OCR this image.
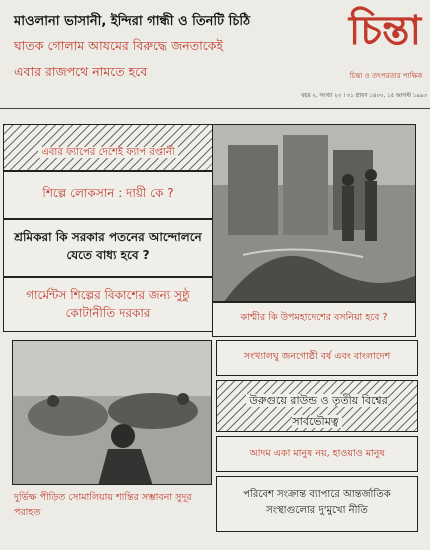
মাওলানা ভাসানী, ইন্দিরা গান্ধী ও তিনটি চিঠি
ঘাতক গোলাম আযমের বিরুদ্ধে জনতাকেই
এবার রাজপথে নামতে হবে
চিন্তা
চিন্তা ও তৎপরতার পাক্ষিক
বছর ২, সংখ্যা ২৩ । ৩১ শ্রাবণ ১৪০০, ১৫ আগস্ট ১৯৯৩
এবার ফ্যাপের দেশেই ফ্যাপ রপ্তানী
শিল্পে লোকসান : দায়ী কে ?
শ্রমিকরা কি সরকার পতনের আন্দোলনে যেতে বাধ্য হবে ?
গার্মেন্টস শিল্পের বিকাশের জন্য সুষ্ঠু কোটানীতি দরকার	কাশ্মীর কি উপমহাদেশের বসনিয়া হবে ?
দুর্ভিক্ষ পীড়িত সোমালিয়ায় শান্তির সম্ভাবনা সুদূর পরাহত
সংখ্যালঘু জনগোষ্ঠী বর্ষ এবং বাংলাদেশ
উরুগুয়ে রাউন্ড ও তৃতীয় বিশ্বের সার্বভৌমত্ব
আদম একা মানুষ নয়, হাওয়াও মানুষ
পরিবেশ সংক্রান্ত ব্যাপারে আন্তর্জাতিক সংস্থাগুলোর দু'মুখো নীতি
